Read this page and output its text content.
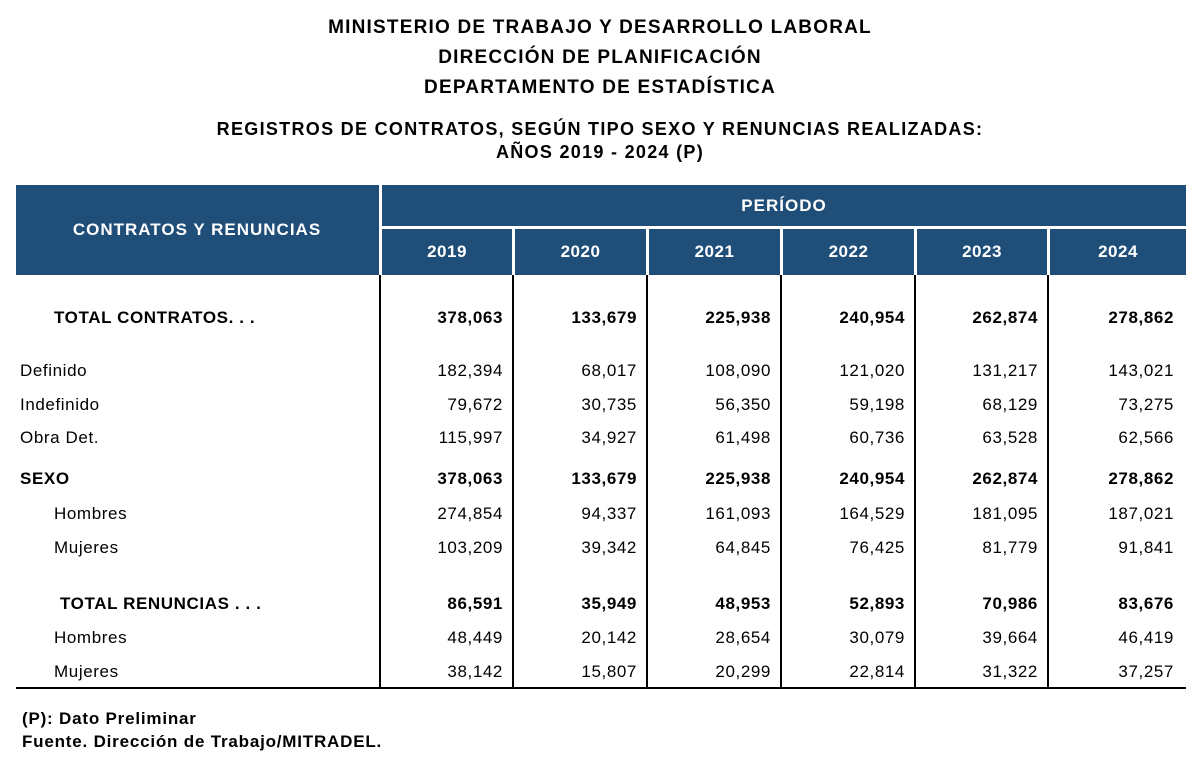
MINISTERIO DE TRABAJO Y DESARROLLO LABORAL
DIRECCIÓN DE PLANIFICACIÓN
DEPARTAMENTO DE ESTADÍSTICA
REGISTROS DE CONTRATOS, SEGÚN TIPO SEXO Y RENUNCIAS REALIZADAS:
AÑOS 2019 - 2024 (P)
CONTRATOS Y RENUNCIAS
PERÍODO
2019	2020	2021	2022	2023	2024
TOTAL CONTRATOS. . .	378,063	133,679	225,938	240,954	262,874	278,862
Definido	182,394	68,017	108,090	121,020	131,217	143,021
Indefinido	79,672	30,735	56,350	59,198	68,129	73,275
Obra Det.	115,997	34,927	61,498	60,736	63,528	62,566
SEXO	378,063	133,679	225,938	240,954	262,874	278,862
Hombres	274,854	94,337	161,093	164,529	181,095	187,021
Mujeres	103,209	39,342	64,845	76,425	81,779	91,841
TOTAL RENUNCIAS . . .	86,591	35,949	48,953	52,893	70,986	83,676
Hombres	48,449	20,142	28,654	30,079	39,664	46,419
Mujeres	38,142	15,807	20,299	22,814	31,322	37,257
(P): Dato Preliminar
Fuente. Dirección de Trabajo/MITRADEL.
